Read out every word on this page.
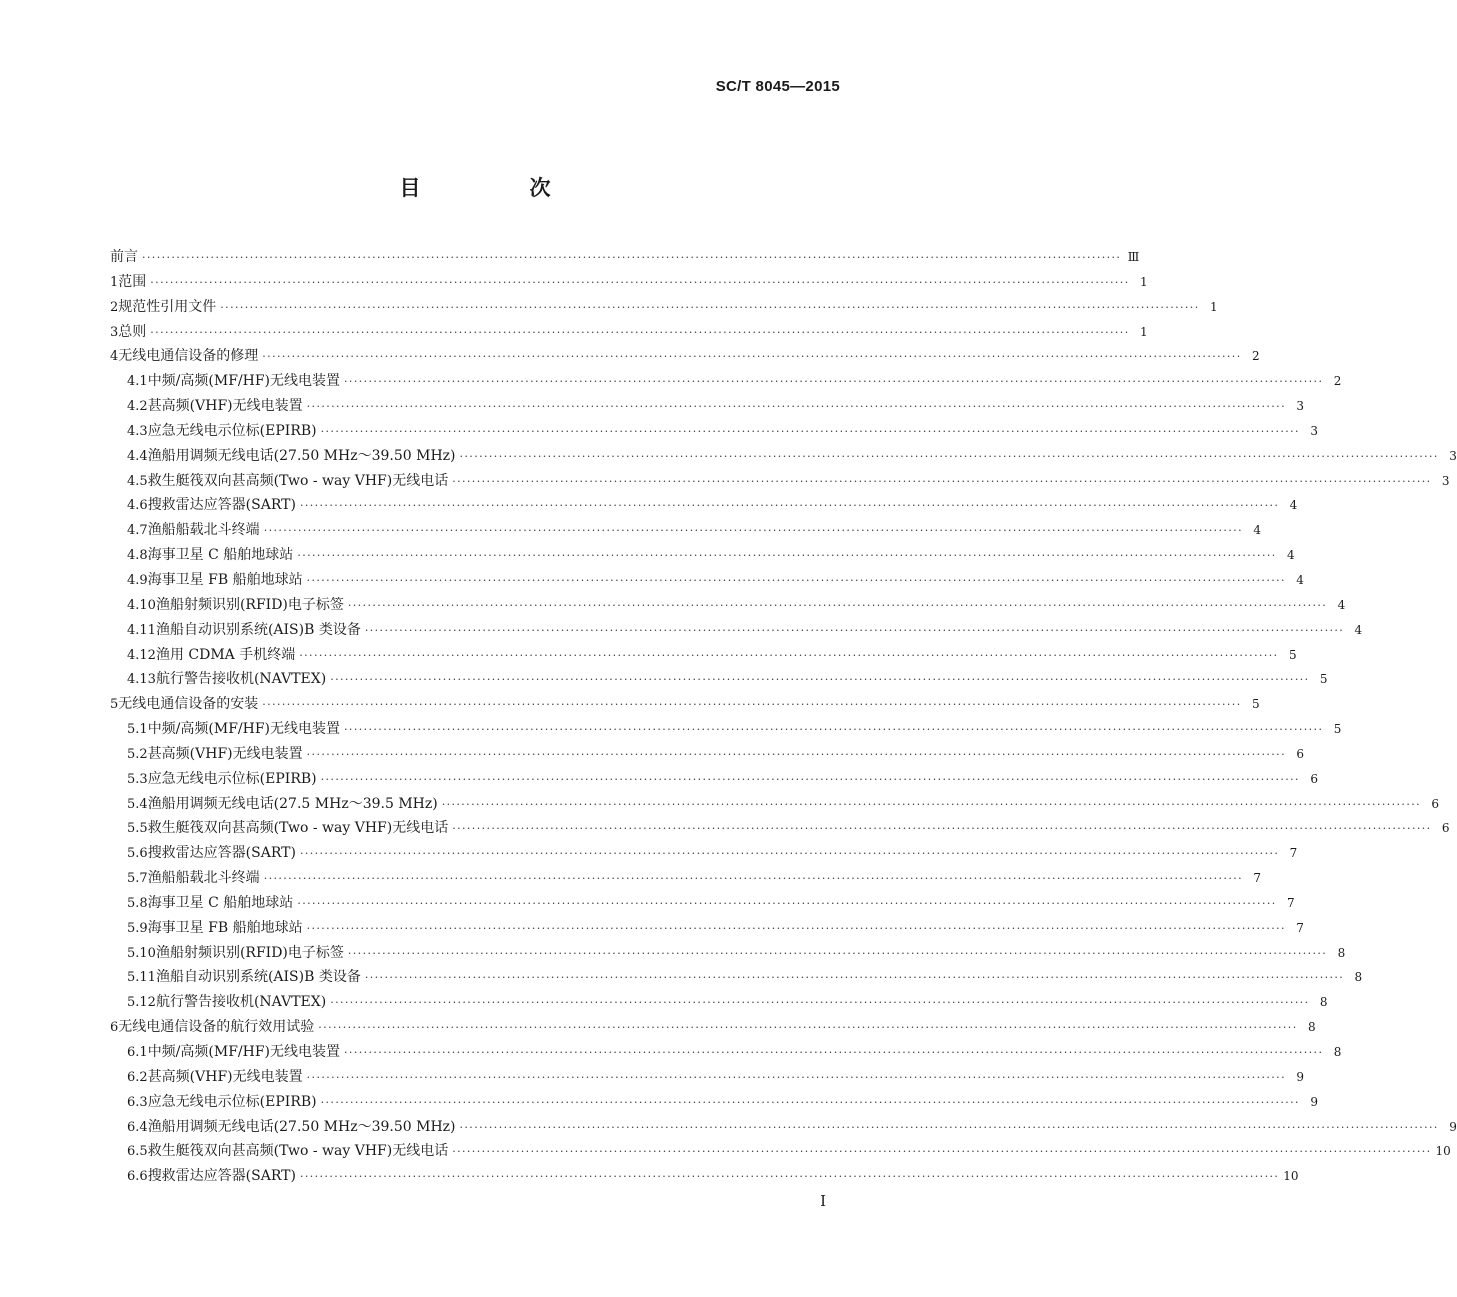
SC/T 8045—2015
目　次
前言 ········································································································································································································ Ⅲ
1 范围 ········································································································································································································ 1
2 规范性引用文件 ········································································································································································································ 1
3 总则 ········································································································································································································ 1
4 无线电通信设备的修理 ········································································································································································································ 2
4.1 中频/高频(MF/HF)无线电装置 ········································································································································································································ 2
4.2 甚高频(VHF)无线电装置 ········································································································································································································ 3
4.3 应急无线电示位标(EPIRB) ········································································································································································································ 3
4.4 渔船用调频无线电话(27.50 MHz～39.50 MHz) ········································································································································································································ 3
4.5 救生艇筏双向甚高频(Two - way VHF)无线电话 ········································································································································································································ 3
4.6 搜救雷达应答器(SART) ········································································································································································································ 4
4.7 渔船船载北斗终端 ········································································································································································································ 4
4.8 海事卫星 C 船舶地球站 ········································································································································································································ 4
4.9 海事卫星 FB 船舶地球站 ········································································································································································································ 4
4.10 渔船射频识别(RFID)电子标签 ········································································································································································································ 4
4.11 渔船自动识别系统(AIS)B 类设备 ········································································································································································································ 4
4.12 渔用 CDMA 手机终端 ········································································································································································································ 5
4.13 航行警告接收机(NAVTEX) ········································································································································································································ 5
5 无线电通信设备的安装 ········································································································································································································ 5
5.1 中频/高频(MF/HF)无线电装置 ········································································································································································································ 5
5.2 甚高频(VHF)无线电装置 ········································································································································································································ 6
5.3 应急无线电示位标(EPIRB) ········································································································································································································ 6
5.4 渔船用调频无线电话(27.5 MHz～39.5 MHz) ········································································································································································································ 6
5.5 救生艇筏双向甚高频(Two - way VHF)无线电话 ········································································································································································································ 6
5.6 搜救雷达应答器(SART) ········································································································································································································ 7
5.7 渔船船载北斗终端 ········································································································································································································ 7
5.8 海事卫星 C 船舶地球站 ········································································································································································································ 7
5.9 海事卫星 FB 船舶地球站 ········································································································································································································ 7
5.10 渔船射频识别(RFID)电子标签 ········································································································································································································ 8
5.11 渔船自动识别系统(AIS)B 类设备 ········································································································································································································ 8
5.12 航行警告接收机(NAVTEX) ········································································································································································································ 8
6 无线电通信设备的航行效用试验 ········································································································································································································ 8
6.1 中频/高频(MF/HF)无线电装置 ········································································································································································································ 8
6.2 甚高频(VHF)无线电装置 ········································································································································································································ 9
6.3 应急无线电示位标(EPIRB) ········································································································································································································ 9
6.4 渔船用调频无线电话(27.50 MHz～39.50 MHz) ········································································································································································································ 9
6.5 救生艇筏双向甚高频(Two - way VHF)无线电话 ········································································································································································································ 10
6.6 搜救雷达应答器(SART) ········································································································································································································ 10
Ⅰ
